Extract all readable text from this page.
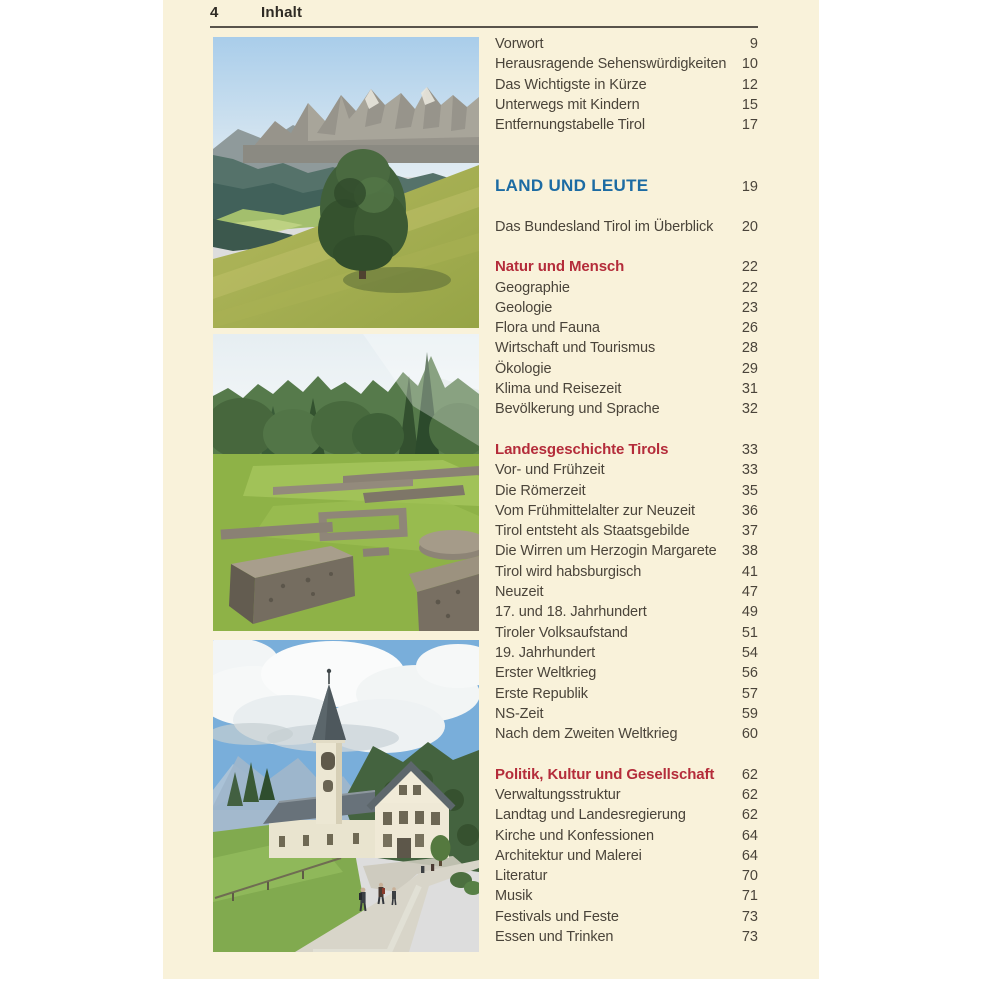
4	Inhalt
Vorwort	9
Herausragende Sehenswürdigkeiten	10
Das Wichtigste in Kürze	12
Unterwegs mit Kindern	15
Entfernungstabelle Tirol	17
LAND UND LEUTE	19
Das Bundesland Tirol im Überblick	20
Natur und Mensch	22
Geographie	22
Geologie	23
Flora und Fauna	26
Wirtschaft und Tourismus	28
Ökologie	29
Klima und Reisezeit	31
Bevölkerung und Sprache	32
Landesgeschichte Tirols	33
Vor- und Frühzeit	33
Die Römerzeit	35
Vom Frühmittelalter zur Neuzeit	36
Tirol entsteht als Staatsgebilde	37
Die Wirren um Herzogin Margarete	38
Tirol wird habsburgisch	41
Neuzeit	47
17. und 18. Jahrhundert	49
Tiroler Volksaufstand	51
19. Jahrhundert	54
Erster Weltkrieg	56
Erste Republik	57
NS-Zeit	59
Nach dem Zweiten Weltkrieg	60
Politik, Kultur und Gesellschaft	62
Verwaltungsstruktur	62
Landtag und Landesregierung	62
Kirche und Konfessionen	64
Architektur und Malerei	64
Literatur	70
Musik	71
Festivals und Feste	73
Essen und Trinken	73
